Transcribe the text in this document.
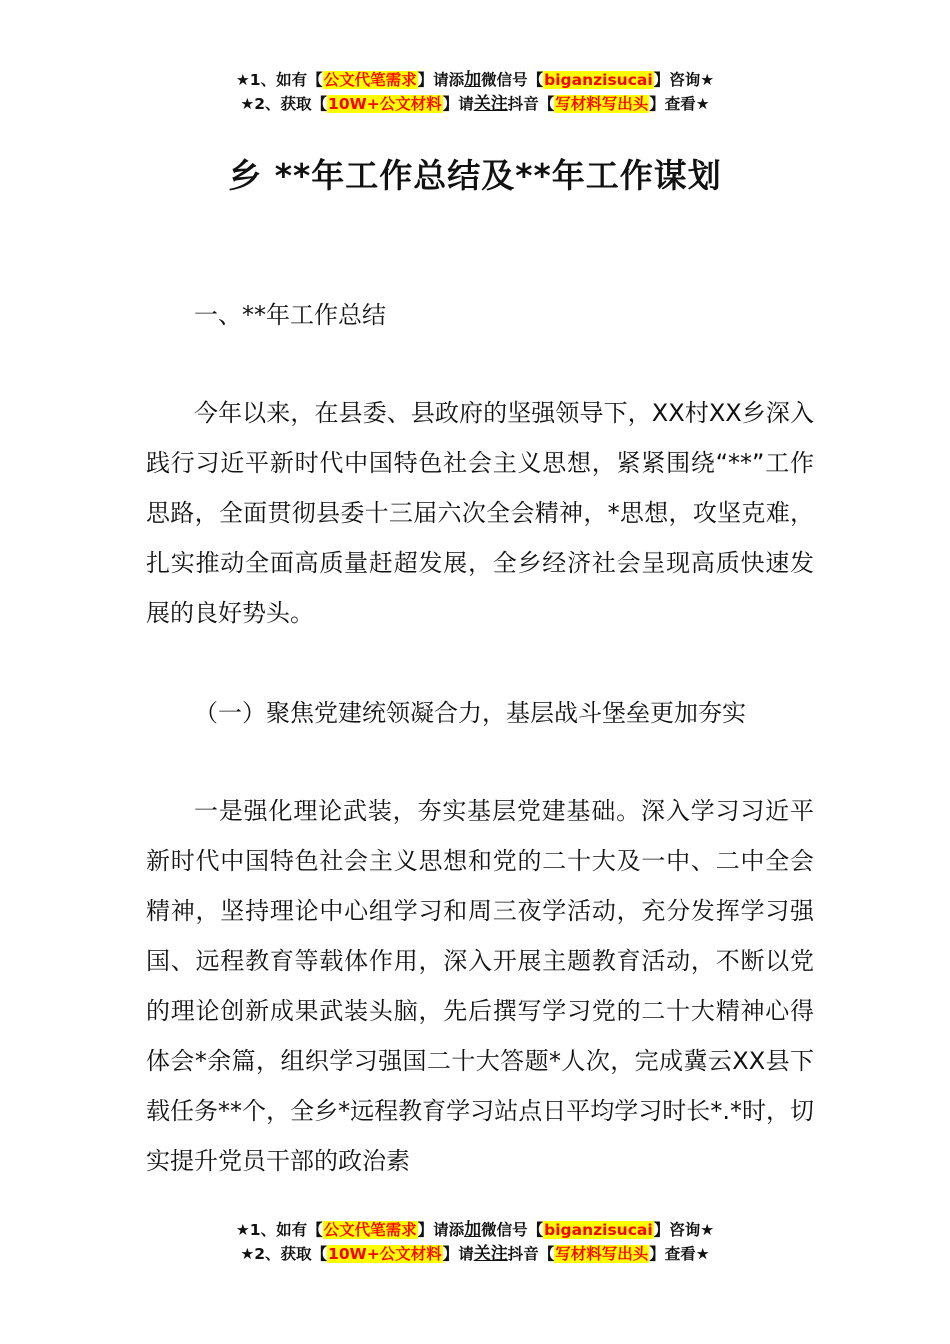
★1、如有【公文代笔需求】请添加微信号【biganzisucai】咨询★
★2、获取【10W+公文材料】请关注抖音【写材料写出头】查看★
乡 **年工作总结及**年工作谋划
一、**年工作总结
今年以来，在县委、县政府的坚强领导下，XX村XX乡深入践行习近平新时代中国特色社会主义思想，紧紧围绕“**”工作思路，全面贯彻县委十三届六次全会精神，*思想，攻坚克难，扎实推动全面高质量赶超发展，全乡经济社会呈现高质快速发展的良好势头。
（一）聚焦党建统领凝合力，基层战斗堡垒更加夯实
一是强化理论武装，夯实基层党建基础。深入学习习近平新时代中国特色社会主义思想和党的二十大及一中、二中全会精神，坚持理论中心组学习和周三夜学活动，充分发挥学习强国、远程教育等载体作用，深入开展主题教育活动，不断以党的理论创新成果武装头脑，先后撰写学习党的二十大精神心得体会*余篇，组织学习强国二十大答题*人次，完成冀云XX县下载任务**个，全乡*远程教育学习站点日平均学习时长*.*时，切实提升党员干部的政治素
★1、如有【公文代笔需求】请添加微信号【biganzisucai】咨询★
★2、获取【10W+公文材料】请关注抖音【写材料写出头】查看★
